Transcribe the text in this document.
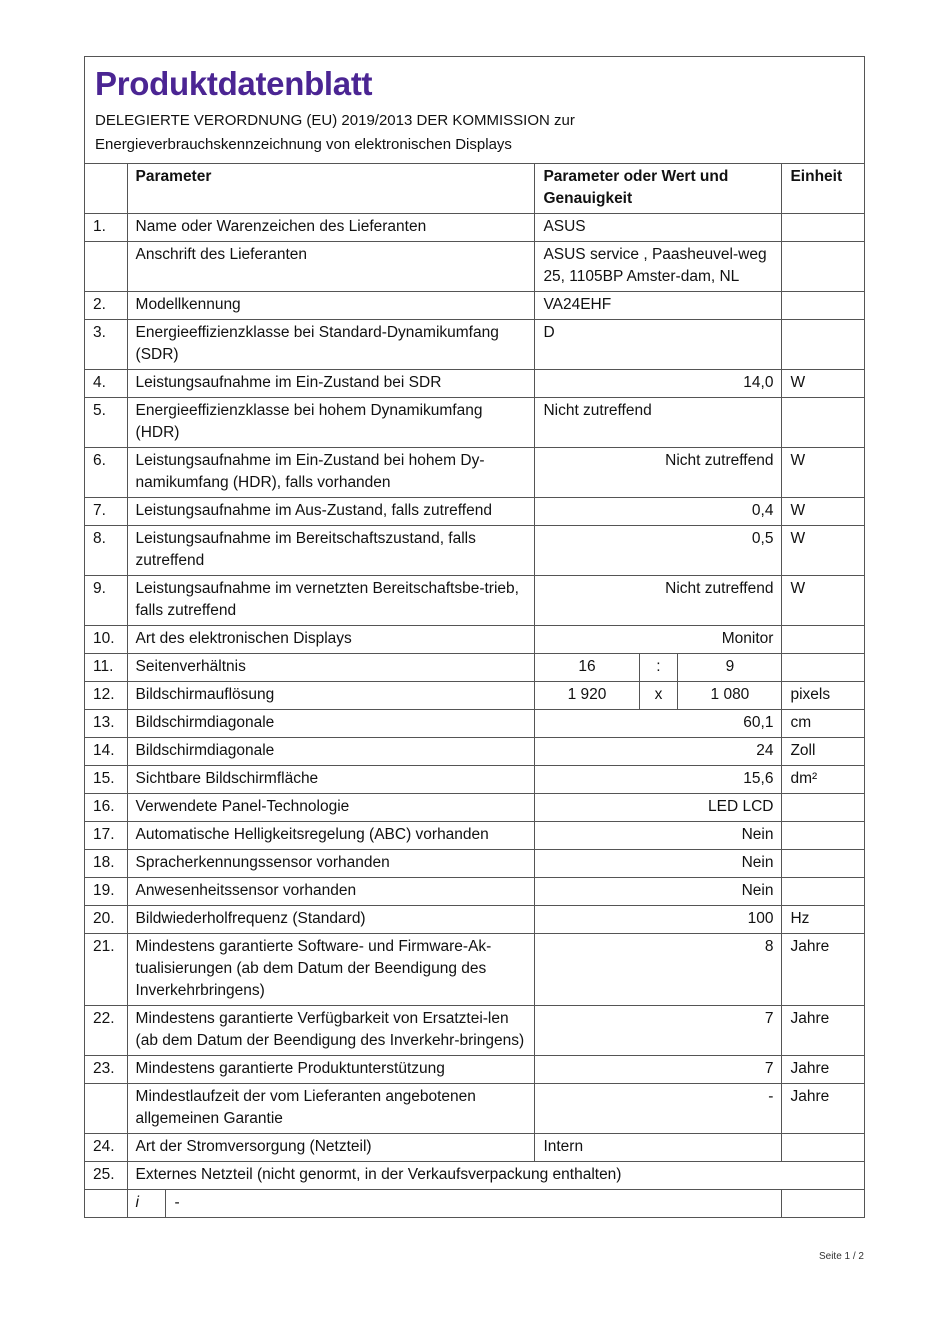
Produktdatenblatt
DELEGIERTE VERORDNUNG (EU) 2019/2013 DER KOMMISSION zur
Energieverbrauchskennzeichnung von elektronischen Displays
	Parameter		Parameter oder Wert und Genauigkeit			Einheit
1.	Name oder Warenzeichen des Lieferanten		ASUS			
	Anschrift des Lieferanten		ASUS service , Paasheuvel-weg 25, 1105BP Amster-dam, NL			
2.	Modellkennung		VA24EHF			
3.	Energieeffizienzklasse bei Standard-Dynamikumfang (SDR)		D			
4.	Leistungsaufnahme im Ein-Zustand bei SDR		14,0			W
5.	Energieeffizienzklasse bei hohem Dynamikumfang (HDR)		Nicht zutreffend			
6.	Leistungsaufnahme im Ein-Zustand bei hohem Dy-namikumfang (HDR), falls vorhanden		Nicht zutreffend			W
7.	Leistungsaufnahme im Aus-Zustand, falls zutreffend		0,4			W
8.	Leistungsaufnahme im Bereitschaftszustand, falls zutreffend		0,5			W
9.	Leistungsaufnahme im vernetzten Bereitschaftsbe-trieb, falls zutreffend		Nicht zutreffend			W
10.	Art des elektronischen Displays		Monitor			
11.	Seitenverhältnis		16	:	9	
12.	Bildschirmauflösung		1 920	x	1 080	pixels
13.	Bildschirmdiagonale		60,1			cm
14.	Bildschirmdiagonale		24			Zoll
15.	Sichtbare Bildschirmfläche		15,6			dm²
16.	Verwendete Panel-Technologie		LED LCD			
17.	Automatische Helligkeitsregelung (ABC) vorhanden		Nein			
18.	Spracherkennungssensor vorhanden		Nein			
19.	Anwesenheitssensor vorhanden		Nein			
20.	Bildwiederholfrequenz (Standard)		100			Hz
21.	Mindestens garantierte Software- und Firmware-Ak-tualisierungen (ab dem Datum der Beendigung des Inverkehrbringens)		8			Jahre
22.	Mindestens garantierte Verfügbarkeit von Ersatztei-len (ab dem Datum der Beendigung des Inverkehr-bringens)		7			Jahre
23.	Mindestens garantierte Produktunterstützung		7			Jahre
	Mindestlaufzeit der vom Lieferanten angebotenen allgemeinen Garantie		-			Jahre
24.	Art der Stromversorgung (Netzteil)		Intern			
25.	Externes Netzteil (nicht genormt, in der Verkaufsverpackung enthalten)					
	i	-				
Seite 1 / 2
